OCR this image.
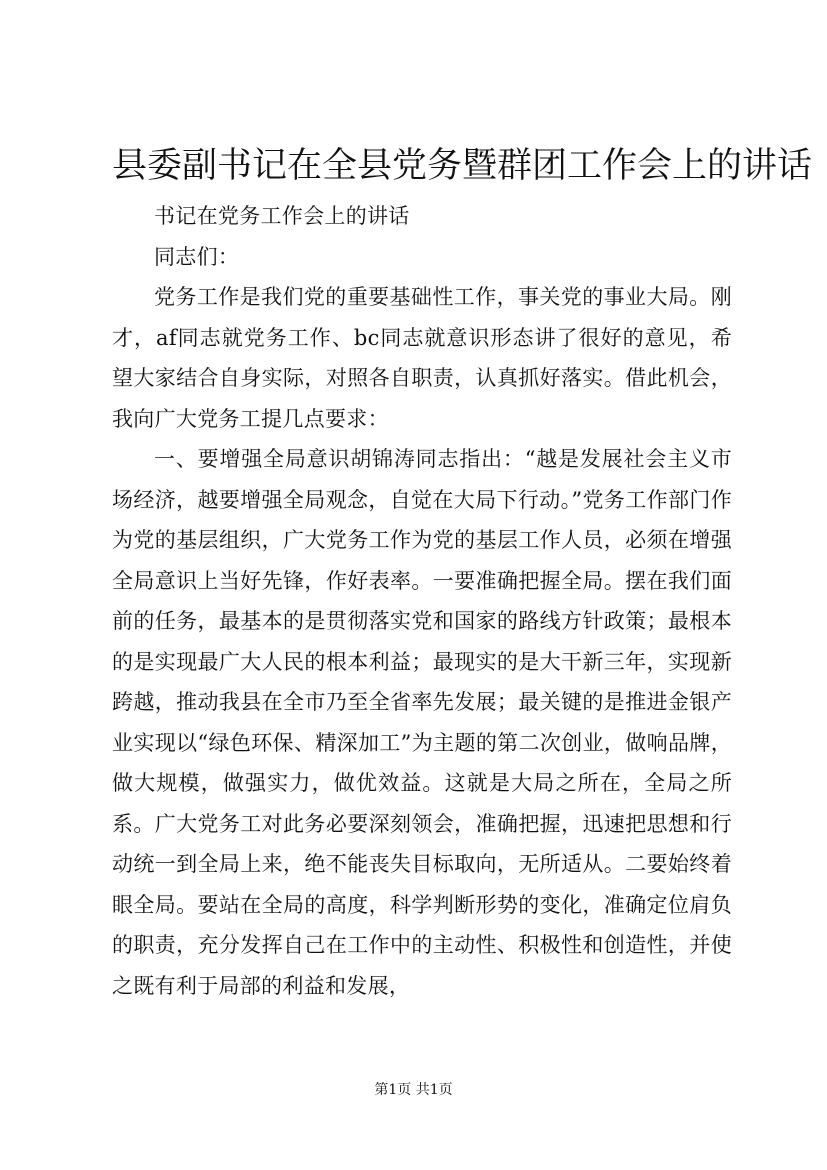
县委副书记在全县党务暨群团工作会上的讲话

书记在党务工作会上的讲话

同志们：

党务工作是我们党的重要基础性工作，事关党的事业大局。刚才，af同志就党务工作、bc同志就意识形态讲了很好的意见，希望大家结合自身实际，对照各自职责，认真抓好落实。借此机会，我向广大党务工提几点要求：

一、要增强全局意识胡锦涛同志指出：“越是发展社会主义市场经济，越要增强全局观念，自觉在大局下行动。”党务工作部门作为党的基层组织，广大党务工作为党的基层工作人员，必须在增强全局意识上当好先锋，作好表率。一要准确把握全局。摆在我们面前的任务，最基本的是贯彻落实党和国家的路线方针政策；最根本的是实现最广大人民的根本利益；最现实的是大干新三年，实现新跨越，推动我县在全市乃至全省率先发展；最关键的是推进金银产业实现以“绿色环保、精深加工”为主题的第二次创业，做响品牌，做大规模，做强实力，做优效益。这就是大局之所在，全局之所系。广大党务工对此务必要深刻领会，准确把握，迅速把思想和行动统一到全局上来，绝不能丧失目标取向，无所适从。二要始终着眼全局。要站在全局的高度，科学判断形势的变化，准确定位肩负的职责，充分发挥自己在工作中的主动性、积极性和创造性，并使之既有利于局部的利益和发展，

第1页 共1页
